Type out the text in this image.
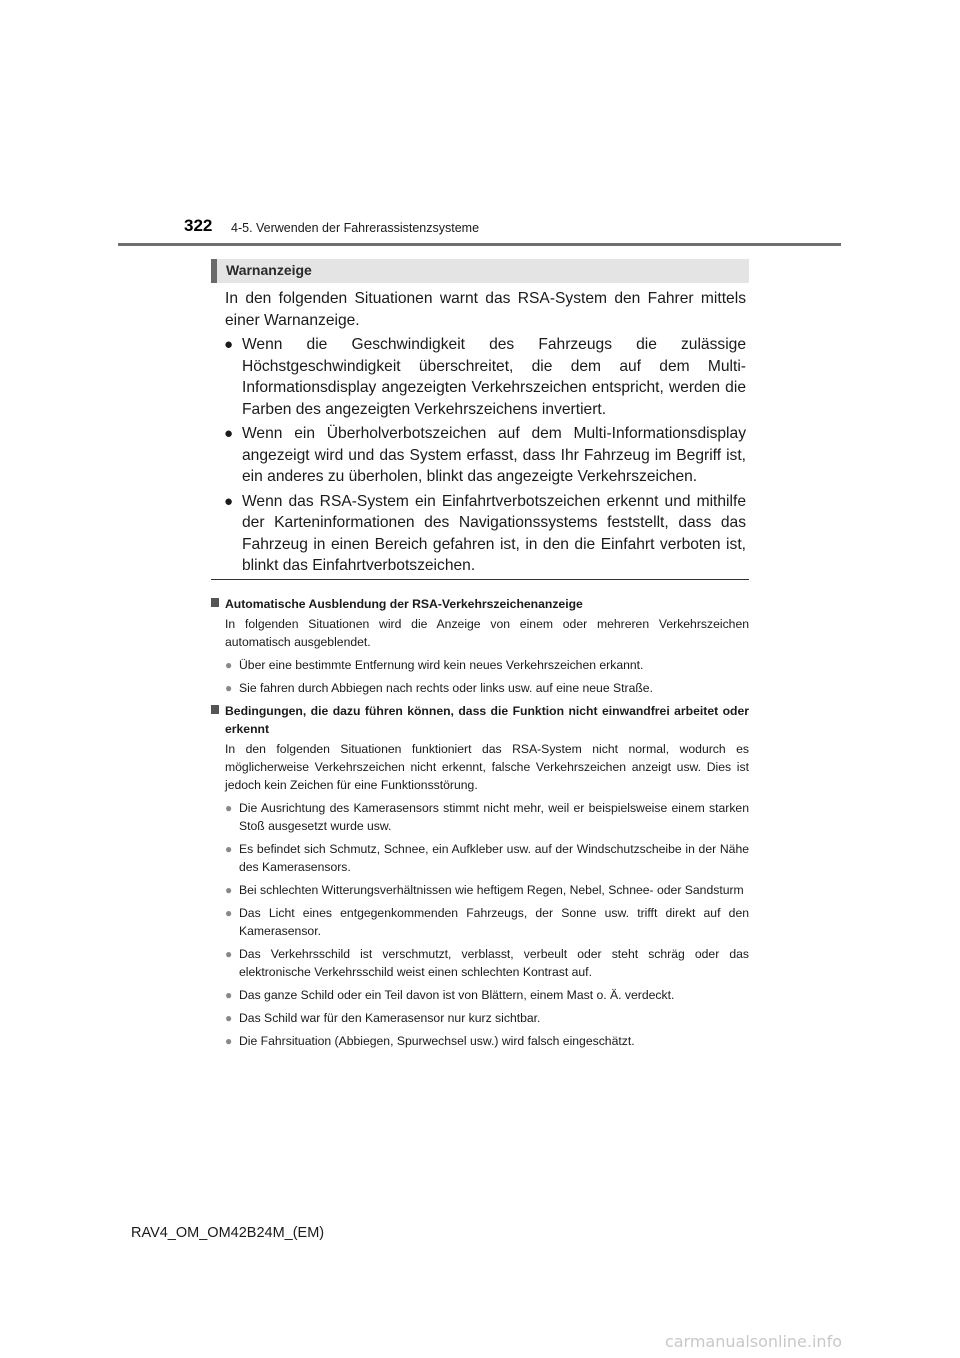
322 4-5. Verwenden der Fahrerassistenzsysteme
Warnanzeige

In den folgenden Situationen warnt das RSA-System den Fahrer mittels einer Warnanzeige.

● Wenn die Geschwindigkeit des Fahrzeugs die zulässige Höchstgeschwindigkeit überschreitet, die dem auf dem Multi-Informationsdisplay angezeigten Verkehrszeichen entspricht, werden die Farben des angezeigten Verkehrszeichens invertiert.
● Wenn ein Überholverbotszeichen auf dem Multi-Informationsdisplay angezeigt wird und das System erfasst, dass Ihr Fahrzeug im Begriff ist, ein anderes zu überholen, blinkt das angezeigte Verkehrszeichen.
● Wenn das RSA-System ein Einfahrtverbotszeichen erkennt und mithilfe der Karteninformationen des Navigationssystems feststellt, dass das Fahrzeug in einen Bereich gefahren ist, in den die Einfahrt verboten ist, blinkt das Einfahrtverbotszeichen.
Automatische Ausblendung der RSA-Verkehrszeichenanzeige
In folgenden Situationen wird die Anzeige von einem oder mehreren Verkehrszeichen automatisch ausgeblendet.
● Über eine bestimmte Entfernung wird kein neues Verkehrszeichen erkannt.
● Sie fahren durch Abbiegen nach rechts oder links usw. auf eine neue Straße.
Bedingungen, die dazu führen können, dass die Funktion nicht einwandfrei arbeitet oder erkennt
In den folgenden Situationen funktioniert das RSA-System nicht normal, wodurch es möglicherweise Verkehrszeichen nicht erkennt, falsche Verkehrszeichen anzeigt usw. Dies ist jedoch kein Zeichen für eine Funktionsstörung.
● Die Ausrichtung des Kamerasensors stimmt nicht mehr, weil er beispielsweise einem starken Stoß ausgesetzt wurde usw.
● Es befindet sich Schmutz, Schnee, ein Aufkleber usw. auf der Windschutzscheibe in der Nähe des Kamerasensors.
● Bei schlechten Witterungsverhältnissen wie heftigem Regen, Nebel, Schnee- oder Sandsturm
● Das Licht eines entgegenkommenden Fahrzeugs, der Sonne usw. trifft direkt auf den Kamerasensor.
● Das Verkehrsschild ist verschmutzt, verblasst, verbeult oder steht schräg oder das elektronische Verkehrsschild weist einen schlechten Kontrast auf.
● Das ganze Schild oder ein Teil davon ist von Blättern, einem Mast o. Ä. verdeckt.
● Das Schild war für den Kamerasensor nur kurz sichtbar.
● Die Fahrsituation (Abbiegen, Spurwechsel usw.) wird falsch eingeschätzt.
RAV4_OM_OM42B24M_(EM)
carmanualsonline.info
